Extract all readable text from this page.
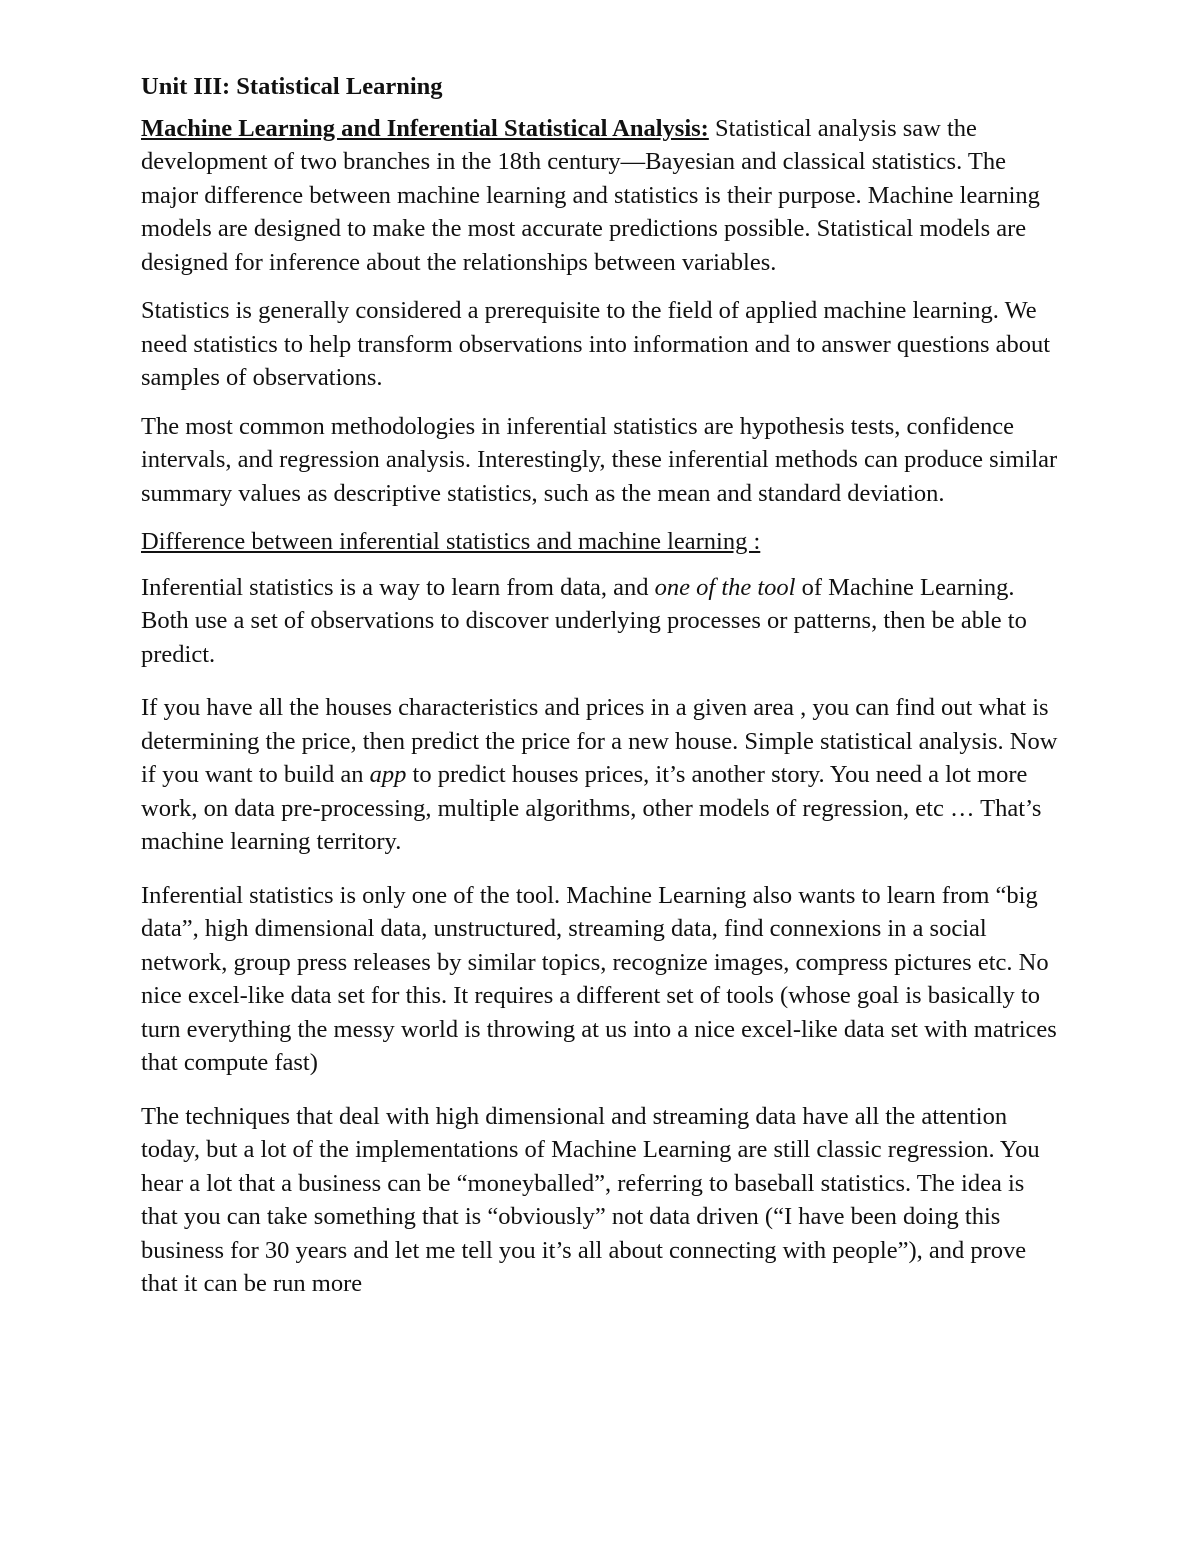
Unit III: Statistical Learning

Machine Learning and Inferential Statistical Analysis: Statistical analysis saw the development of two branches in the 18th century—Bayesian and classical statistics. The major difference between machine learning and statistics is their purpose. Machine learning models are designed to make the most accurate predictions possible. Statistical models are designed for inference about the relationships between variables.

Statistics is generally considered a prerequisite to the field of applied machine learning. We need statistics to help transform observations into information and to answer questions about samples of observations.

The most common methodologies in inferential statistics are hypothesis tests, confidence intervals, and regression analysis. Interestingly, these inferential methods can produce similar summary values as descriptive statistics, such as the mean and standard deviation.

Difference between inferential statistics and machine learning :

Inferential statistics is a way to learn from data, and one of the tool of Machine Learning. Both use a set of observations to discover underlying processes or patterns, then be able to predict.

If you have all the houses characteristics and prices in a given area , you can find out what is determining the price, then predict the price for a new house. Simple statistical analysis. Now if you want to build an app to predict houses prices, it’s another story. You need a lot more work, on data pre-processing, multiple algorithms, other models of regression, etc … That’s machine learning territory.

Inferential statistics is only one of the tool. Machine Learning also wants to learn from “big data”, high dimensional data, unstructured, streaming data, find connexions in a social network, group press releases by similar topics, recognize images, compress pictures etc. No nice excel-like data set for this. It requires a different set of tools (whose goal is basically to turn everything the messy world is throwing at us into a nice excel-like data set with matrices that compute fast)

The techniques that deal with high dimensional and streaming data have all the attention today, but a lot of the implementations of Machine Learning are still classic regression. You hear a lot that a business can be “moneyballed”, referring to baseball statistics. The idea is that you can take something that is “obviously” not data driven (“I have been doing this business for 30 years and let me tell you it’s all about connecting with people”), and prove that it can be run more
